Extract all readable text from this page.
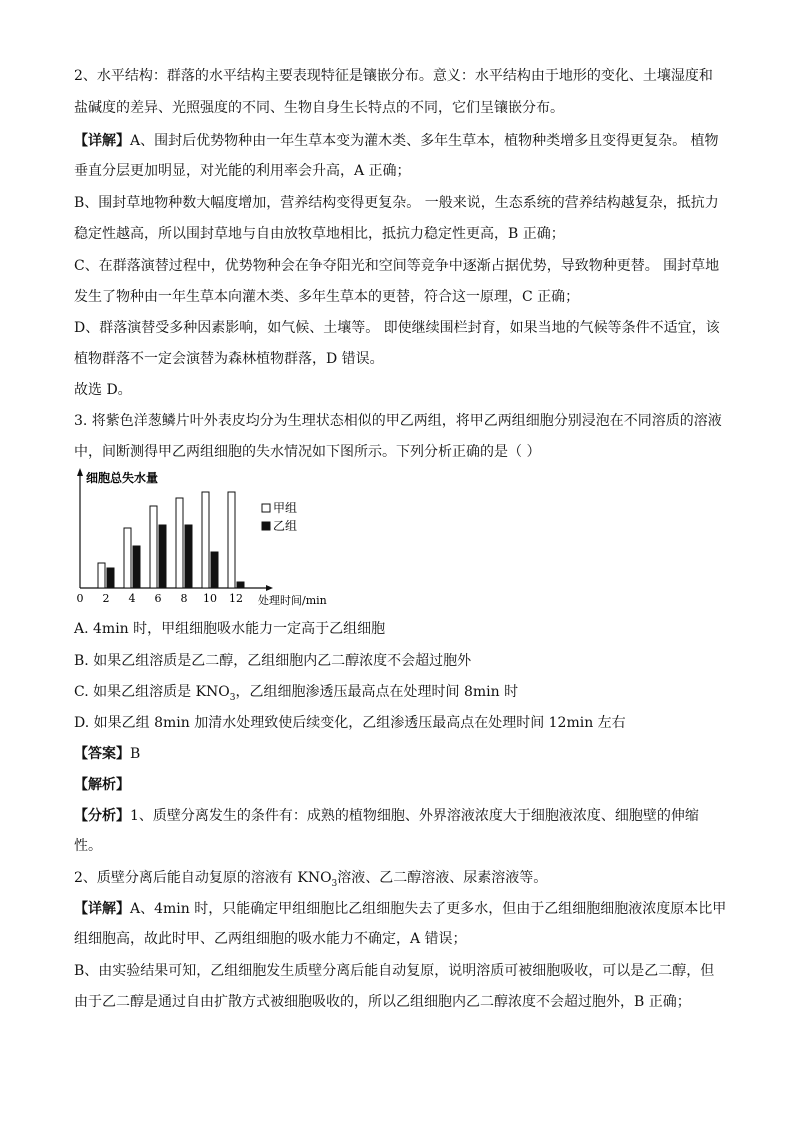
2、水平结构：群落的水平结构主要表现特征是镶嵌分布。意义：水平结构由于地形的变化、土壤湿度和

盐碱度的差异、光照强度的不同、生物自身生长特点的不同，它们呈镶嵌分布。

【详解】A、围封后优势物种由一年生草本变为灌木类、多年生草本，植物种类增多且变得更复杂。 植物

垂直分层更加明显，对光能的利用率会升高，A 正确；

B、围封草地物种数大幅度增加，营养结构变得更复杂。 一般来说，生态系统的营养结构越复杂，抵抗力

稳定性越高，所以围封草地与自由放牧草地相比，抵抗力稳定性更高，B 正确；

C、在群落演替过程中，优势物种会在争夺阳光和空间等竞争中逐渐占据优势，导致物种更替。 围封草地

发生了物种由一年生草本向灌木类、多年生草本的更替，符合这一原理，C 正确；

D、群落演替受多种因素影响，如气候、土壤等。 即使继续围栏封育，如果当地的气候等条件不适宜，该

植物群落不一定会演替为森林植物群落，D 错误。

故选 D。

3. 将紫色洋葱鳞片叶外表皮均分为生理状态相似的甲乙两组，将甲乙两组细胞分别浸泡在不同溶质的溶液

中，间断测得甲乙两组细胞的失水情况如下图所示。下列分析正确的是（ ）

细胞总失水量
0 2 4 6 8 10 12 处理时间/min
甲组
乙组

A. 4min 时，甲组细胞吸水能力一定高于乙组细胞

B. 如果乙组溶质是乙二醇，乙组细胞内乙二醇浓度不会超过胞外

C. 如果乙组溶质是 $KNO_3$，乙组细胞渗透压最高点在处理时间 8min 时

D. 如果乙组 8min 加清水处理致使后续变化，乙组渗透压最高点在处理时间 12min 左右

【答案】B

【解析】

【分析】1、质壁分离发生的条件有：成熟的植物细胞、外界溶液浓度大于细胞液浓度、细胞壁的伸缩

性。

2、质壁分离后能自动复原的溶液有 $KNO_3$溶液、乙二醇溶液、尿素溶液等。

【详解】A、4min 时，只能确定甲组细胞比乙组细胞失去了更多水，但由于乙组细胞细胞液浓度原本比甲

组细胞高，故此时甲、乙两组细胞的吸水能力不确定，A 错误；

B、由实验结果可知，乙组细胞发生质壁分离后能自动复原，说明溶质可被细胞吸收，可以是乙二醇，但

由于乙二醇是通过自由扩散方式被细胞吸收的，所以乙组细胞内乙二醇浓度不会超过胞外，B 正确；
